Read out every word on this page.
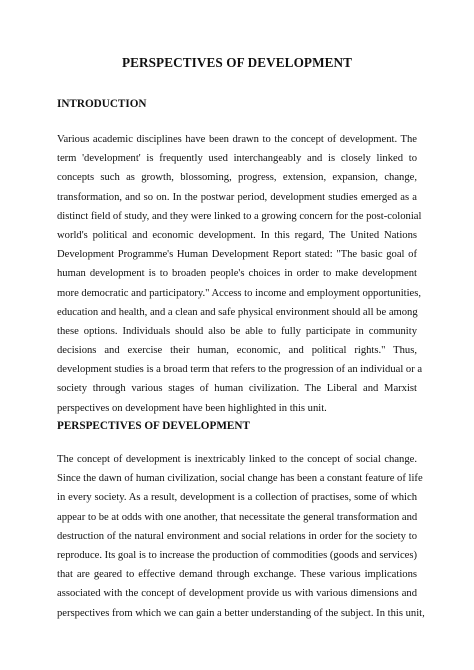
PERSPECTIVES OF DEVELOPMENT
INTRODUCTION
Various academic disciplines have been drawn to the concept of development. The
term 'development' is frequently used interchangeably and is closely linked to
concepts such as growth, blossoming, progress, extension, expansion, change,
transformation, and so on. In the postwar period, development studies emerged as a
distinct field of study, and they were linked to a growing concern for the post-colonial
world's political and economic development. In this regard, The United Nations
Development Programme's Human Development Report stated: "The basic goal of
human development is to broaden people's choices in order to make development
more democratic and participatory." Access to income and employment opportunities,
education and health, and a clean and safe physical environment should all be among
these options. Individuals should also be able to fully participate in community
decisions and exercise their human, economic, and political rights." Thus,
development studies is a broad term that refers to the progression of an individual or a
society through various stages of human civilization. The Liberal and Marxist
perspectives on development have been highlighted in this unit.
PERSPECTIVES OF DEVELOPMENT
The concept of development is inextricably linked to the concept of social change.
Since the dawn of human civilization, social change has been a constant feature of life
in every society. As a result, development is a collection of practises, some of which
appear to be at odds with one another, that necessitate the general transformation and
destruction of the natural environment and social relations in order for the society to
reproduce. Its goal is to increase the production of commodities (goods and services)
that are geared to effective demand through exchange. These various implications
associated with the concept of development provide us with various dimensions and
perspectives from which we can gain a better understanding of the subject. In this unit,
